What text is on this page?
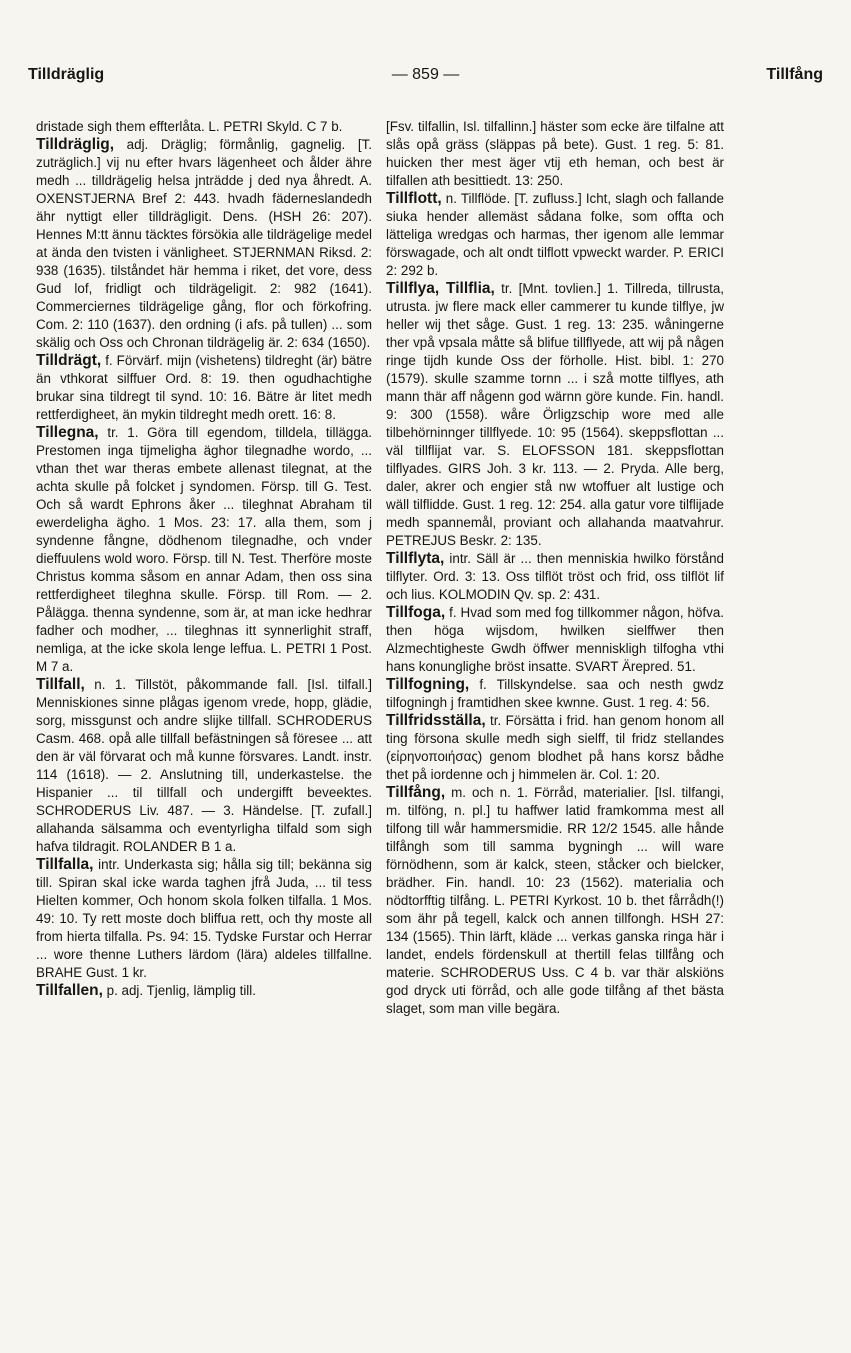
Tilldräglig	— 859 —	Tillfång

dristade sigh them effterlåta. L. PETRI Skyld. C 7 b.

Tilldräglig, adj. Dräglig; förmånlig, gagnelig. [T. zuträglich.] vij nu efter hvars lägenheet och ålder ähre medh ... tilldrägelig helsa jnträdde j ded nya åhredt. A. OXENSTJERNA Bref 2: 443. hvadh fäderneslandedh ähr nyttigt eller tilldrägligit. Dens. (HSH 26: 207). Hennes M:tt ännu täcktes försökia alle tildrägelige medel at ända den tvisten i vänligheet. STJERNMAN Riksd. 2: 938 (1635). tilståndet här hemma i riket, det vore, dess Gud lof, fridligt och tildrägeligit. 2: 982 (1641). Commerciernes tildrägelige gång, flor och förkofring. Com. 2: 110 (1637). den ordning (i afs. på tullen) ... som skälig och Oss och Chronan tildrägelig är. 2: 634 (1650).

Tilldrägt, f. Förvärf. mijn (vishetens) tildreght (är) bätre än vthkorat silffuer Ord. 8: 19. then ogudhachtighe brukar sina tildregt til synd. 10: 16. Bätre är litet medh rettferdigheet, än mykin tildreght medh orett. 16: 8.

Tillegna, tr. 1. Göra till egendom, tilldela, tillägga. Prestomen inga tijmeligha äghor tilegnadhe wordo, ... vthan thet war theras embete allenast tilegnat, at the achta skulle på folcket j syndomen. Försp. till G. Test. Och så wardt Ephrons åker ... tileghnat Abraham til ewerdeligha ägho. 1 Mos. 23: 17. alla them, som j syndenne fångne, dödhenom tilegnadhe, och vnder dieffuulens wold woro. Försp. till N. Test. Therföre moste Christus komma såsom en annar Adam, then oss sina rettferdigheet tileghna skulle. Försp. till Rom. — 2. Pålägga. thenna syndenne, som är, at man icke hedhrar fadher och modher, ... tileghnas itt synnerlighit straff, nemliga, at the icke skola lenge leffua. L. PETRI 1 Post. M 7 a.

Tillfall, n. 1. Tillstöt, påkommande fall. [Isl. tilfall.] Menniskiones sinne plågas igenom vrede, hopp, glädie, sorg, missgunst och andre slijke tillfall. SCHRODERUS Casm. 468. opå alle tillfall befästningen så föresee ... att den är väl förvarat och må kunne försvares. Landt. instr. 114 (1618). — 2. Anslutning till, underkastelse. the Hispanier ... til tillfall och undergifft beveektes. SCHRODERUS Liv. 487. — 3. Händelse. [T. zufall.] allahanda sälsamma och eventyrligha tilfald som sigh hafva tildragit. ROLANDER B 1 a.

Tillfalla, intr. Underkasta sig; hålla sig till; bekänna sig till. Spiran skal icke warda taghen jfrå Juda, ... til tess Hielten kommer, Och honom skola folken tilfalla. 1 Mos. 49: 10. Ty rett moste doch bliffua rett, och thy moste all from hierta tilfalla. Ps. 94: 15. Tydske Furstar och Herrar ... wore thenne Luthers lärdom (lära) aldeles tillfallne. BRAHE Gust. 1 kr.

Tillfallen, p. adj. Tjenlig, lämplig till.

[Fsv. tilfallin, Isl. tilfallinn.] häster som ecke äre tilfalne att slås opå gräss (släppas på bete). Gust. 1 reg. 5: 81. huicken ther mest äger vtij eth heman, och best är tilfallen ath besittiedt. 13: 250.

Tillflott, n. Tillflöde. [T. zufluss.] Icht, slagh och fallande siuka hender allemäst sådana folke, som offta och lätteliga wredgas och harmas, ther igenom alle lemmar förswagade, och alt ondt tilflott vpweckt warder. P. ERICI 2: 292 b.

Tillflya, Tillflia, tr. [Mnt. tovlien.] 1. Tillreda, tillrusta, utrusta. jw flere mack eller cammerer tu kunde tilflye, jw heller wij thet såge. Gust. 1 reg. 13: 235. wåningerne ther vpå vpsala måtte så blifue tillflyede, att wij på någen ringe tijdh kunde Oss der förholle. Hist. bibl. 1: 270 (1579). skulle szamme tornn ... i szå motte tilflyes, ath mann thär aff någenn god wärnn göre kunde. Fin. handl. 9: 300 (1558). wåre Örligzschip wore med alle tilbehörninnger tillflyede. 10: 95 (1564). skeppsflottan ... väl tillflijat var. S. ELOFSSON 181. skeppsflottan tilflyades. GIRS Joh. 3 kr. 113. — 2. Pryda. Alle berg, daler, akrer och engier stå nw wtoffuer alt lustige och wäll tilflidde. Gust. 1 reg. 12: 254. alla gatur vore tilflijade medh spannemål, proviant och allahanda maatvahrur. PETREJUS Beskr. 2: 135.

Tillflyta, intr. Säll är ... then menniskia hwilko förstånd tilflyter. Ord. 3: 13. Oss tilflöt tröst och frid, oss tilflöt lif och lius. KOLMODIN Qv. sp. 2: 431.

Tillfoga, f. Hvad som med fog tillkommer någon, höfva. then höga wijsdom, hwilken sielffwer then Alzmechtigheste Gwdh öffwer menniskligh tilfogha vthi hans konunglighe bröst insatte. SVART Ärepred. 51.

Tillfogning, f. Tillskyndelse. saa och nesth gwdz tilfogningh j framtidhen skee kwnne. Gust. 1 reg. 4: 56.

Tillfridsställa, tr. Försätta i frid. han genom honom all ting försona skulle medh sigh sielff, til fridz stellandes (εἰρηνοποιήσας) genom blodhet på hans korsz bådhe thet på iordenne och j himmelen är. Col. 1: 20.

Tillfång, m. och n. 1. Förråd, materialier. [Isl. tilfangi, m. tilföng, n. pl.] tu haffwer latid framkomma mest all tilfong till wår hammersmidie. RR 12/2 1545. alle hånde tilfångh som till samma bygningh ... will ware förnödhenn, som är kalck, steen, ståcker och bielcker, brädher. Fin. handl. 10: 23 (1562). materialia och nödtorfftig tilfång. L. PETRI Kyrkost. 10 b. thet fårrådh(!) som ähr på tegell, kalck och annen tillfongh. HSH 27: 134 (1565). Thin lärft, kläde ... verkas ganska ringa här i landet, endels fördenskull at thertill felas tillfång och materie. SCHRODERUS Uss. C 4 b. var thär alskiöns god dryck uti förråd, och alle gode tilfång af thet bästa slaget, som man ville begära.
